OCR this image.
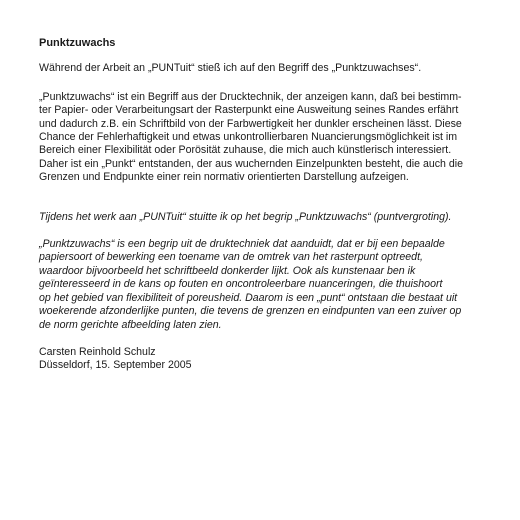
Punktzuwachs

Während der Arbeit an „PUNTuit“ stieß ich auf den Begriff des „Punktzuwachses“.

„Punktzuwachs“ ist ein Begriff aus der Drucktechnik, der anzeigen kann, daß bei bestimm-
ter Papier- oder Verarbeitungsart der Rasterpunkt eine Ausweitung seines Randes erfährt
und dadurch z.B. ein Schriftbild von der Farbwertigkeit her dunkler erscheinen lässt. Diese
Chance der Fehlerhaftigkeit und etwas unkontrollierbaren Nuancierungsmöglichkeit ist im
Bereich einer Flexibilität oder Porösität zuhause, die mich auch künstlerisch interessiert.
Daher ist ein „Punkt“ entstanden, der aus wuchernden Einzelpunkten besteht, die auch die
Grenzen und Endpunkte einer rein normativ orientierten Darstellung aufzeigen.

Tijdens het werk aan „PUNTuit“ stuitte ik op het begrip „Punktzuwachs“ (puntvergroting).

„Punktzuwachs“ is een begrip uit de druktechniek dat aanduidt, dat er bij een bepaalde
papiersoort of bewerking een toename van de omtrek van het rasterpunt optreedt,
waardoor bijvoorbeeld het schriftbeeld donkerder lijkt. Ook als kunstenaar ben ik
geïnteresseerd in de kans op fouten en oncontroleerbare nuanceringen, die thuishoort
op het gebied van flexibiliteit of poreusheid. Daarom is een „punt“ ontstaan die bestaat uit
woekerende afzonderlijke punten, die tevens de grenzen en eindpunten van een zuiver op
de norm gerichte afbeelding laten zien.

Carsten Reinhold Schulz
Düsseldorf, 15. September 2005
